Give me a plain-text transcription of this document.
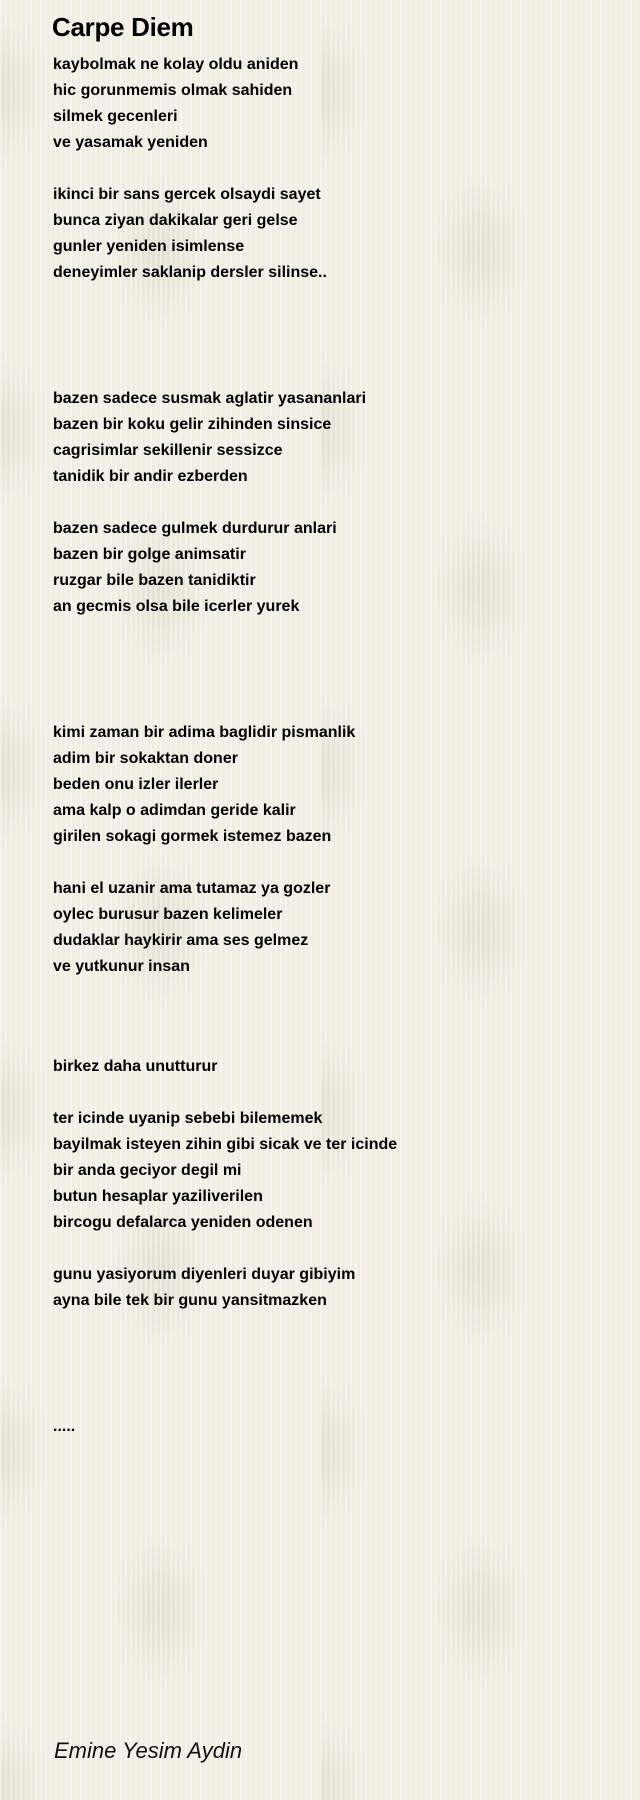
Carpe Diem
kaybolmak ne kolay oldu aniden
hic gorunmemis olmak sahiden
silmek gecenleri
ve yasamak yeniden
ikinci bir sans gercek olsaydi sayet
bunca ziyan dakikalar geri gelse
gunler yeniden isimlense
deneyimler saklanip dersler silinse..
bazen sadece susmak aglatir yasananlari
bazen bir koku gelir zihinden sinsice
cagrisimlar sekillenir sessizce
tanidik bir andir ezberden
bazen sadece gulmek durdurur anlari
bazen bir golge animsatir
ruzgar bile bazen tanidiktir
an gecmis olsa bile icerler yurek
kimi zaman bir adima baglidir pismanlik
adim bir sokaktan doner
beden onu izler ilerler
ama kalp o adimdan geride kalir
girilen sokagi gormek istemez bazen
hani el uzanir ama tutamaz ya gozler
oylec burusur bazen kelimeler
dudaklar haykirir ama ses gelmez
ve yutkunur insan
birkez daha unutturur
ter icinde uyanip sebebi bilememek
bayilmak isteyen zihin gibi sicak ve ter icinde
bir anda geciyor degil mi
butun hesaplar yaziliverilen
bircogu defalarca yeniden odenen
gunu yasiyorum diyenleri duyar gibiyim
ayna bile tek bir gunu yansitmazken
.....
Emine Yesim Aydin
